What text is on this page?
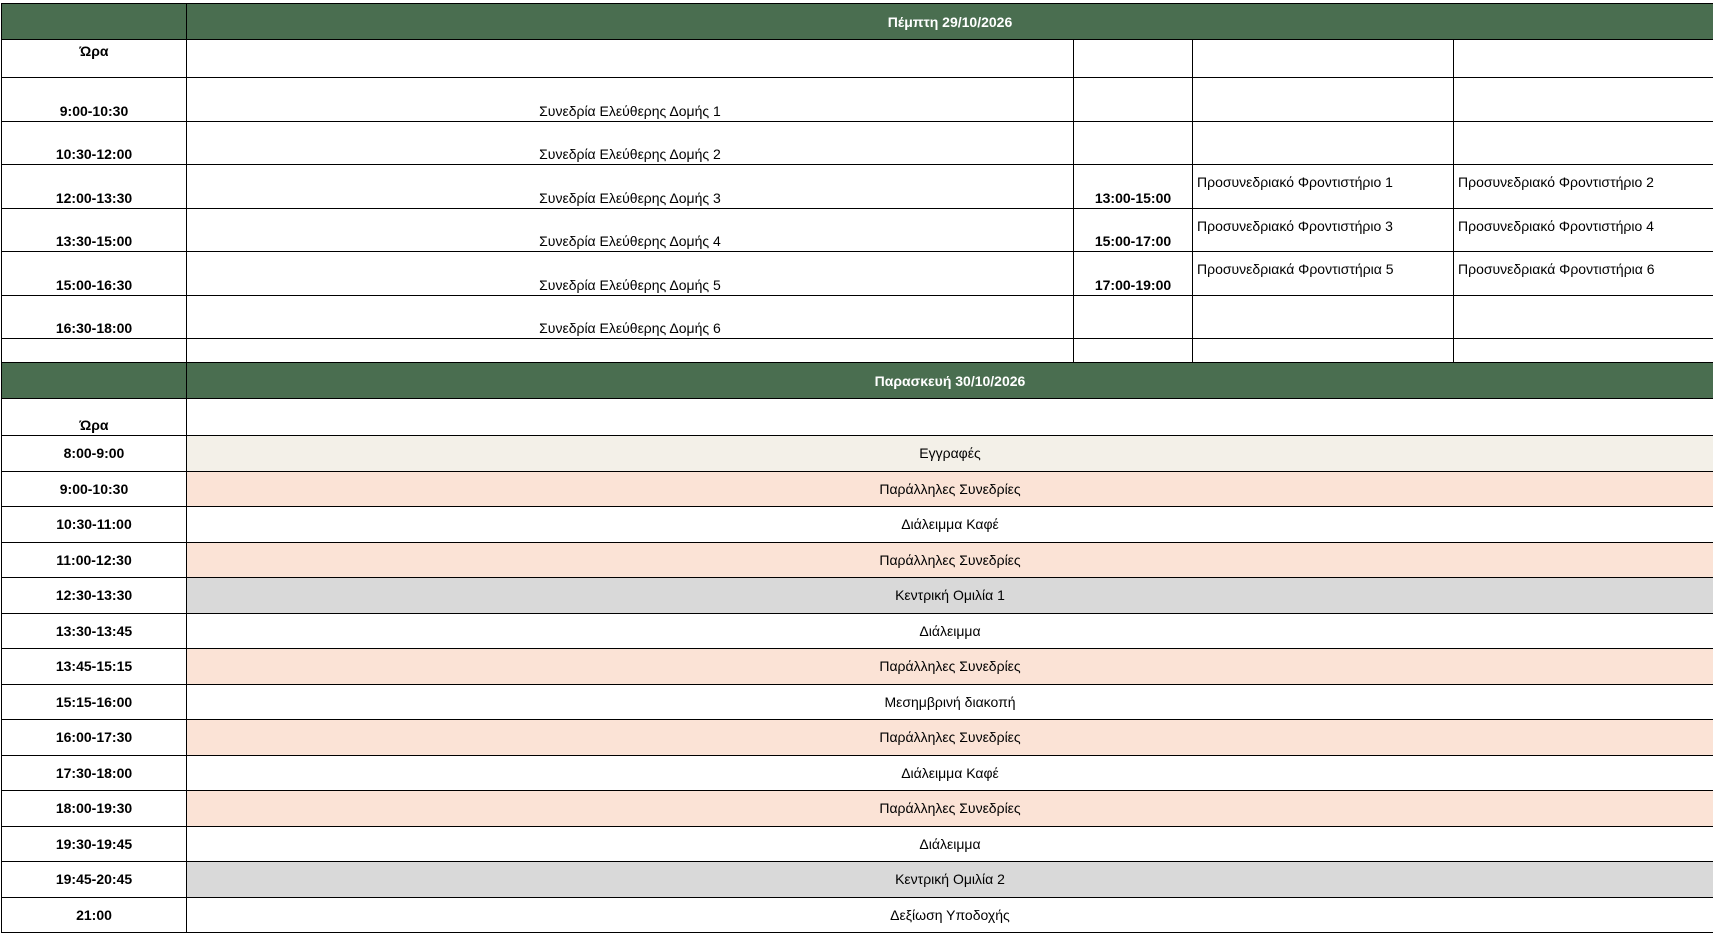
	Πέμπτη 29/10/2026			
Ώρα				
9:00-10:30	Συνεδρία Ελεύθερης Δομής 1			
10:30-12:00	Συνεδρία Ελεύθερης Δομής 2			
12:00-13:30	Συνεδρία Ελεύθερης Δομής 3	13:00-15:00	Προσυνεδριακό Φροντιστήριο 1	Προσυνεδριακό Φροντιστήριο 2
13:30-15:00	Συνεδρία Ελεύθερης Δομής 4	15:00-17:00	Προσυνεδριακό Φροντιστήριο 3	Προσυνεδριακό Φροντιστήριο 4
15:00-16:30	Συνεδρία Ελεύθερης Δομής 5	17:00-19:00	Προσυνεδριακά Φροντιστήρια 5	Προσυνεδριακά Φροντιστήρια 6
16:30-18:00	Συνεδρία Ελεύθερης Δομής 6			

	Παρασκευή 30/10/2026
Ώρα	
8:00-9:00	Εγγραφές
9:00-10:30	Παράλληλες Συνεδρίες
10:30-11:00	Διάλειμμα Καφέ
11:00-12:30	Παράλληλες Συνεδρίες
12:30-13:30	Κεντρική Ομιλία 1
13:30-13:45	Διάλειμμα
13:45-15:15	Παράλληλες Συνεδρίες
15:15-16:00	Μεσημβρινή διακοπή
16:00-17:30	Παράλληλες Συνεδρίες
17:30-18:00	Διάλειμμα Καφέ
18:00-19:30	Παράλληλες Συνεδρίες
19:30-19:45	Διάλειμμα
19:45-20:45	Κεντρική Ομιλία 2
21:00	Δεξίωση Υποδοχής
